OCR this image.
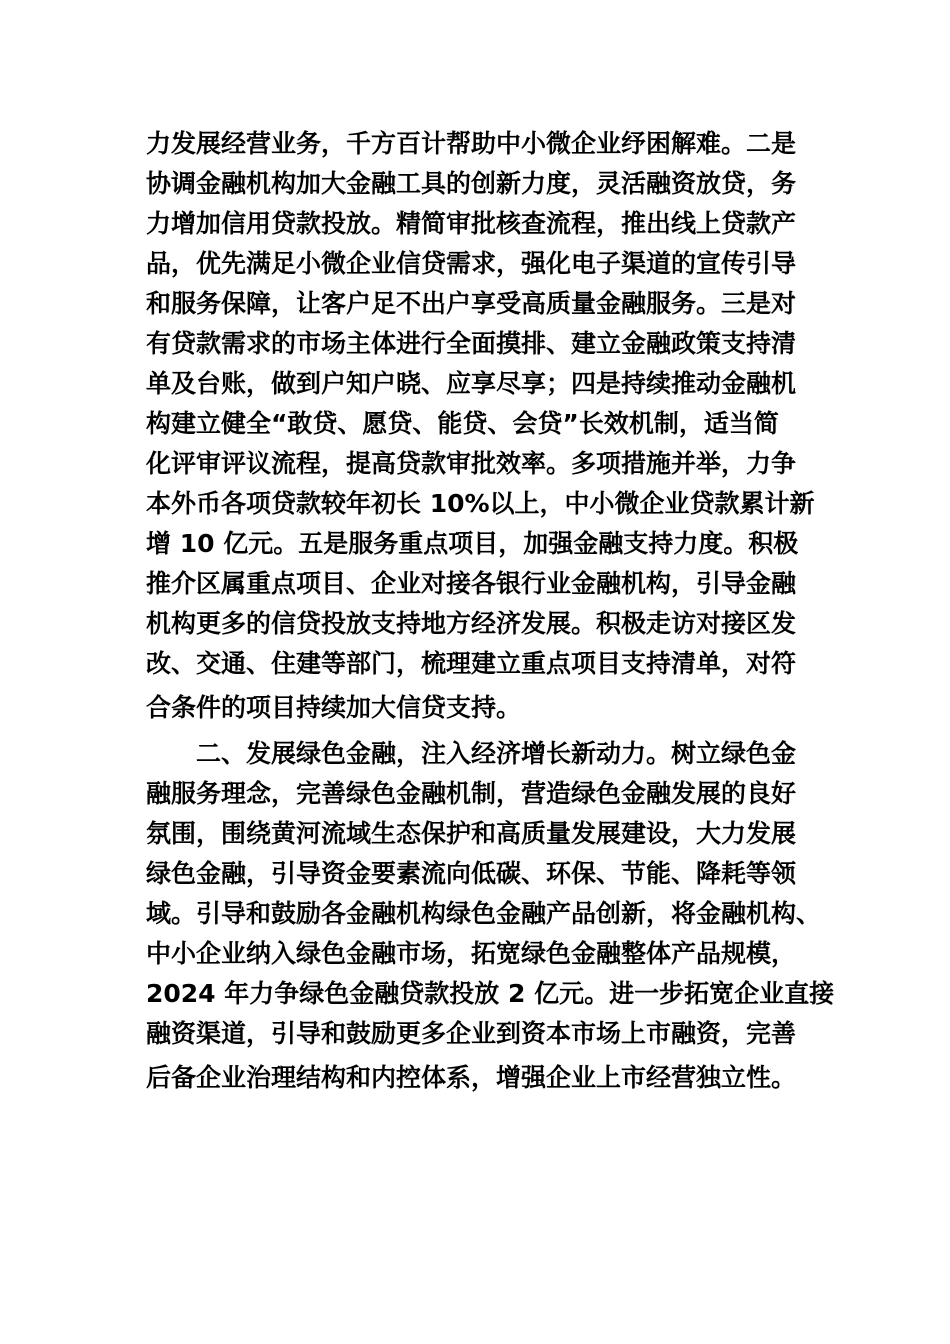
力发展经营业务，千方百计帮助中小微企业纾困解难。二是
协调金融机构加大金融工具的创新力度，灵活融资放贷，务
力增加信用贷款投放。精简审批核查流程，推出线上贷款产
品，优先满足小微企业信贷需求，强化电子渠道的宣传引导
和服务保障，让客户足不出户享受高质量金融服务。三是对
有贷款需求的市场主体进行全面摸排、建立金融政策支持清
单及台账，做到户知户晓、应享尽享；四是持续推动金融机
构建立健全“敢贷、愿贷、能贷、会贷”长效机制，适当简
化评审评议流程，提高贷款审批效率。多项措施并举，力争
本外币各项贷款较年初长 10%以上，中小微企业贷款累计新
增 10 亿元。五是服务重点项目，加强金融支持力度。积极
推介区属重点项目、企业对接各银行业金融机构，引导金融
机构更多的信贷投放支持地方经济发展。积极走访对接区发
改、交通、住建等部门，梳理建立重点项目支持清单，对符
合条件的项目持续加大信贷支持。
二、发展绿色金融，注入经济增长新动力。树立绿色金
融服务理念，完善绿色金融机制，营造绿色金融发展的良好
氛围，围绕黄河流域生态保护和高质量发展建设，大力发展
绿色金融，引导资金要素流向低碳、环保、节能、降耗等领
域。引导和鼓励各金融机构绿色金融产品创新，将金融机构、
中小企业纳入绿色金融市场，拓宽绿色金融整体产品规模，
2024 年力争绿色金融贷款投放 2 亿元。进一步拓宽企业直接
融资渠道，引导和鼓励更多企业到资本市场上市融资，完善
后备企业治理结构和内控体系，增强企业上市经营独立性。
